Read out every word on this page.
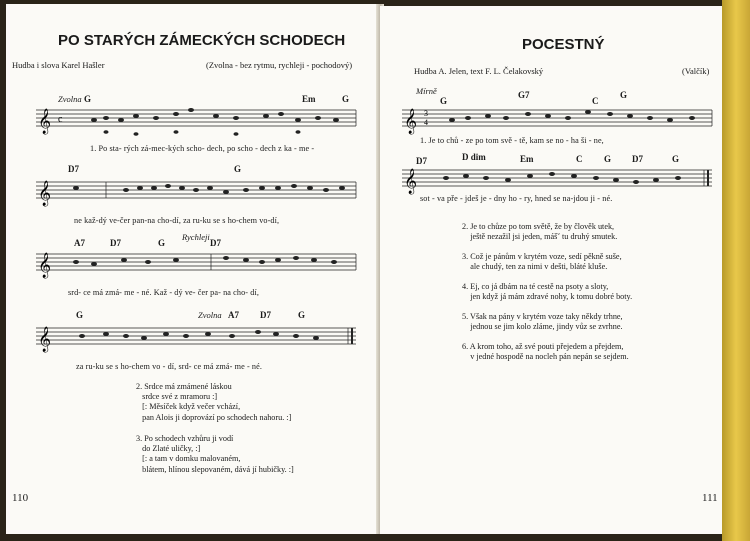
PO STARÝCH ZÁMECKÝCH SCHODECH
Hudba i slova Karel Hašler	(Zvolna - bez rytmu, rychleji - pochodový)
Zvolna G	Em	G
𝄞 c
1. Po sta- rých zá-mec-kých scho- dech, po scho - dech z ka - me -
D7	G
𝄞
ne kaž-dý ve-čer pan-na cho-dí, za ru-ku se s ho-chem vo-dí,
A7	D7	G
Rychleji
D7
𝄞
srd- ce má zmá- me - né. Kaž - dý ve- čer pa- na cho- dí,
G	Zvolna A7 D7	G
𝄞
za ru-ku se s ho-chem vo - dí, srd- ce má zmá- me - né.
2. Srdce má zmámené láskou
srdce své z mramoru :]
[: Měsíček když večer vchází,
pan Alois ji doprovází po schodech nahoru. :]
3. Po schodech vzhůru ji vodí
do Zlaté uličky, :]
[: a tam v domku malovaném,
blátem, hlínou slepovaném, dává jí hubičky. :]
110
POCESTNÝ
Hudba A. Jelen, text F. L. Čelakovský	(Valčík)
Mírně
G
G7
C
G
𝄞 3
4
1. Je to chů - ze po tom svě - tě, kam se no - ha ši - ne,
D7	D dim	Em	C G D7	G
𝄞
sot - va pře - jdeš je - dny ho - ry, hned se na-jdou ji - né.
2. Je to chůze po tom světě, že by člověk utek,
ještě nezažil jsi jeden, mášˇ tu druhý smutek.
3. Což je pánům v krytém voze, sedí pěkně suše,
ale chudý, ten za nimi v dešti, bláté kluše.
4. Ej, co já dbám na té cestě na psoty a sloty,
jen když já mám zdravé nohy, k tomu dobré boty.
5. Však na pány v krytém voze taky někdy trhne,
jednou se jim kolo zláme, jindy vůz se zvrhne.
6. A krom toho, až své pouti přejedem a přejdem,
v jedné hospodě na nocleh pán nepán se sejdem.
111
